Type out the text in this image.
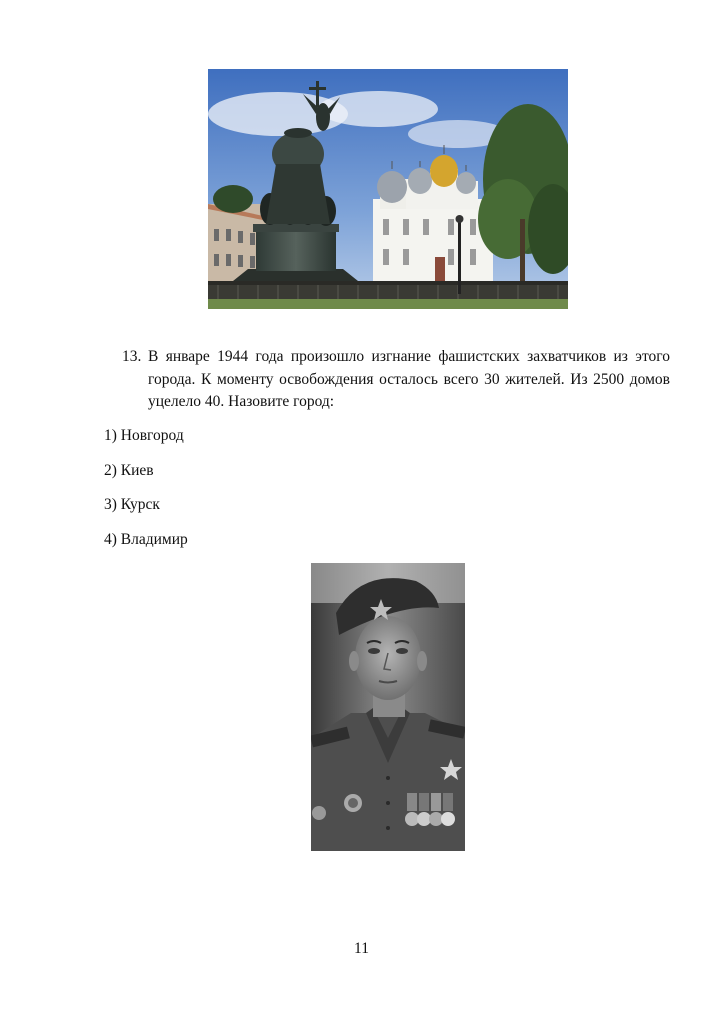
13. В январе 1944 года произошло изгнание фашистских захватчиков из этого города. К моменту освобождения осталось всего 30 жителей. Из 2500 домов уцелело 40. Назовите город:
1) Новгород
2) Киев
3) Курск
4) Владимир
11
